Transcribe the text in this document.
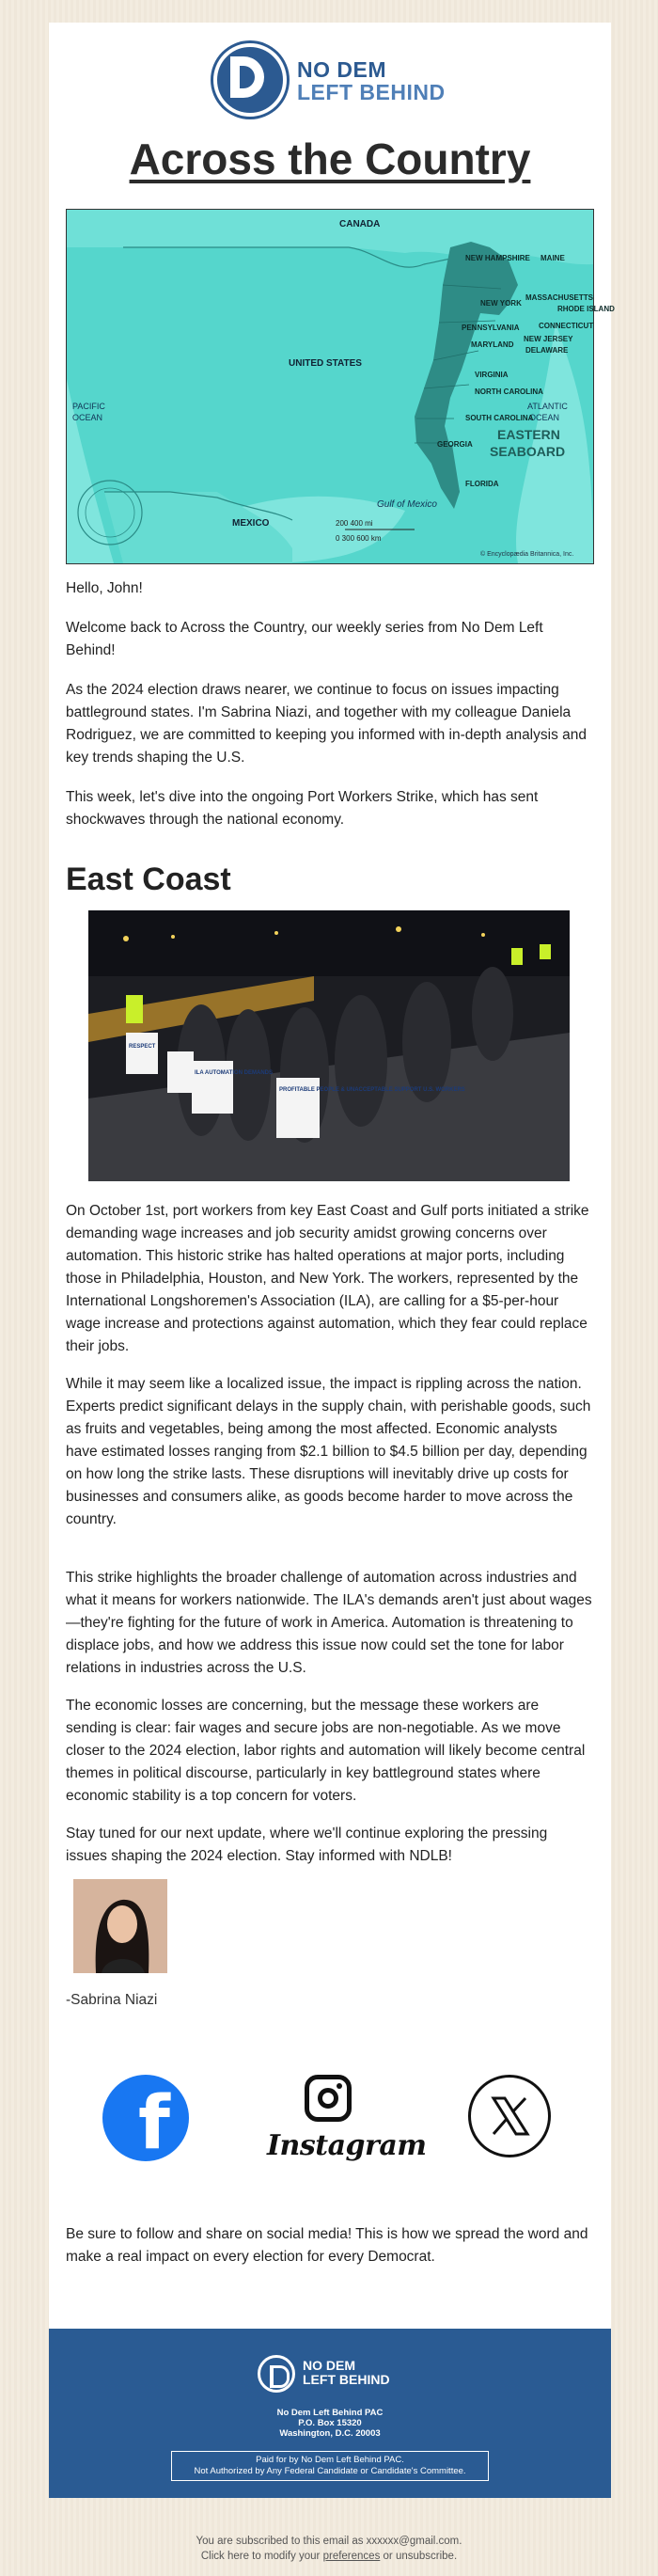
NO DEM
LEFT BEHIND
Across the Country
200 400 mi
0 300 600 km
CANADA
UNITED STATES
MEXICO
PACIFIC
OCEAN
Gulf of Mexico
ATLANTIC
OCEAN
EASTERN
SEABOARD
MAINE
NEW HAMPSHIRE
MASSACHUSETTS
RHODE ISLAND
CONNECTICUT
NEW YORK
PENNSYLVANIA
NEW JERSEY
DELAWARE
MARYLAND
VIRGINIA
NORTH CAROLINA
SOUTH CAROLINA
GEORGIA
FLORIDA
© Encyclopædia Britannica, Inc.

Hello, John!

Welcome back to Across the Country, our weekly series from No Dem Left Behind!

As the 2024 election draws nearer, we continue to focus on issues impacting battleground states. I'm Sabrina Niazi, and together with my colleague Daniela Rodriguez, we are committed to keeping you informed with in-depth analysis and key trends shaping the U.S.

This week, let's dive into the ongoing Port Workers Strike, which has sent shockwaves through the national economy.

East Coast
PROFITABLE PEOPLE & UNACCEPTABLE SUPPORT U.S. WORKERS
ILA AUTOMATION DEMANDS
RESPECT

On October 1st, port workers from key East Coast and Gulf ports initiated a strike demanding wage increases and job security amidst growing concerns over automation. This historic strike has halted operations at major ports, including those in Philadelphia, Houston, and New York. The workers, represented by the International Longshoremen's Association (ILA), are calling for a $5-per-hour wage increase and protections against automation, which they fear could replace their jobs.

While it may seem like a localized issue, the impact is rippling across the nation. Experts predict significant delays in the supply chain, with perishable goods, such as fruits and vegetables, being among the most affected. Economic analysts have estimated losses ranging from $2.1 billion to $4.5 billion per day, depending on how long the strike lasts. These disruptions will inevitably drive up costs for businesses and consumers alike, as goods become harder to move across the country.

This strike highlights the broader challenge of automation across industries and what it means for workers nationwide. The ILA's demands aren't just about wages—they're fighting for the future of work in America. Automation is threatening to displace jobs, and how we address this issue now could set the tone for labor relations in industries across the U.S.

The economic losses are concerning, but the message these workers are sending is clear: fair wages and secure jobs are non-negotiable. As we move closer to the 2024 election, labor rights and automation will likely become central themes in political discourse, particularly in key battleground states where economic stability is a top concern for voters.

Stay tuned for our next update, where we'll continue exploring the pressing issues shaping the 2024 election. Stay informed with NDLB!

-Sabrina Niazi
f	Instagram

Be sure to follow and share on social media! This is how we spread the word and make a real impact on every election for every Democrat.

NO DEM
LEFT BEHIND
No Dem Left Behind PAC
P.O. Box 15320
Washington, D.C. 20003
Paid for by No Dem Left Behind PAC.
Not Authorized by Any Federal Candidate or Candidate's Committee.
You are subscribed to this email as xxxxxx@gmail.com.
Click here to modify your preferences or unsubscribe.
